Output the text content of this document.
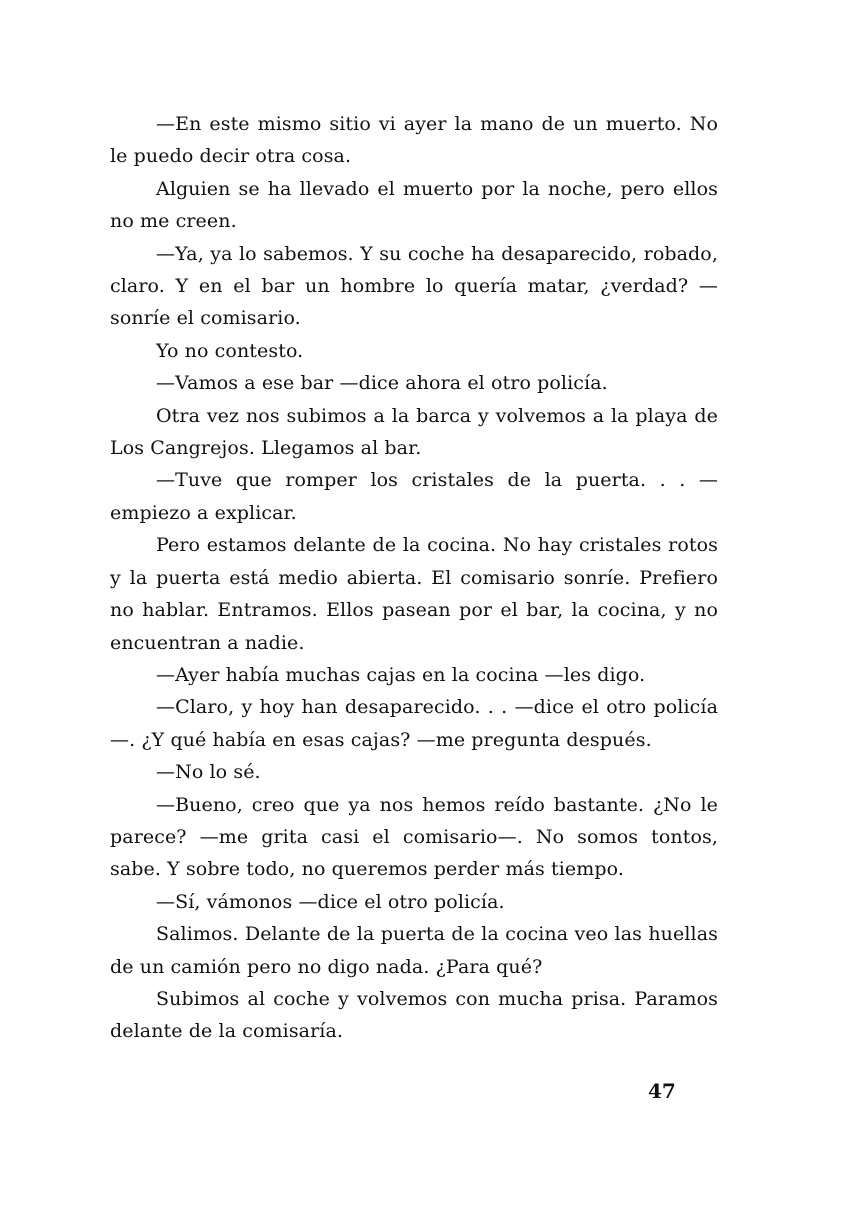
—En este mismo sitio vi ayer la mano de un muerto. No le puedo decir otra cosa.

Alguien se ha llevado el muerto por la noche, pero ellos no me creen.

—Ya, ya lo sabemos. Y su coche ha desaparecido, robado, claro. Y en el bar un hombre lo quería matar, ¿verdad? —sonríe el comisario.

Yo no contesto.

—Vamos a ese bar —dice ahora el otro policía.

Otra vez nos subimos a la barca y volvemos a la playa de Los Cangrejos. Llegamos al bar.

—Tuve que romper los cristales de la puerta. . . —empiezo a explicar.

Pero estamos delante de la cocina. No hay cristales rotos y la puerta está medio abierta. El comisario sonríe. Prefiero no hablar. Entramos. Ellos pasean por el bar, la cocina, y no encuentran a nadie.

—Ayer había muchas cajas en la cocina —les digo.

—Claro, y hoy han desaparecido. . . —dice el otro policía—. ¿Y qué había en esas cajas? —me pregunta después.

—No lo sé.

—Bueno, creo que ya nos hemos reído bastante. ¿No le parece? —me grita casi el comisario—. No somos tontos, sabe. Y sobre todo, no queremos perder más tiempo.

—Sí, vámonos —dice el otro policía.

Salimos. Delante de la puerta de la cocina veo las huellas de un camión pero no digo nada. ¿Para qué?

Subimos al coche y volvemos con mucha prisa. Paramos delante de la comisaría.

47
